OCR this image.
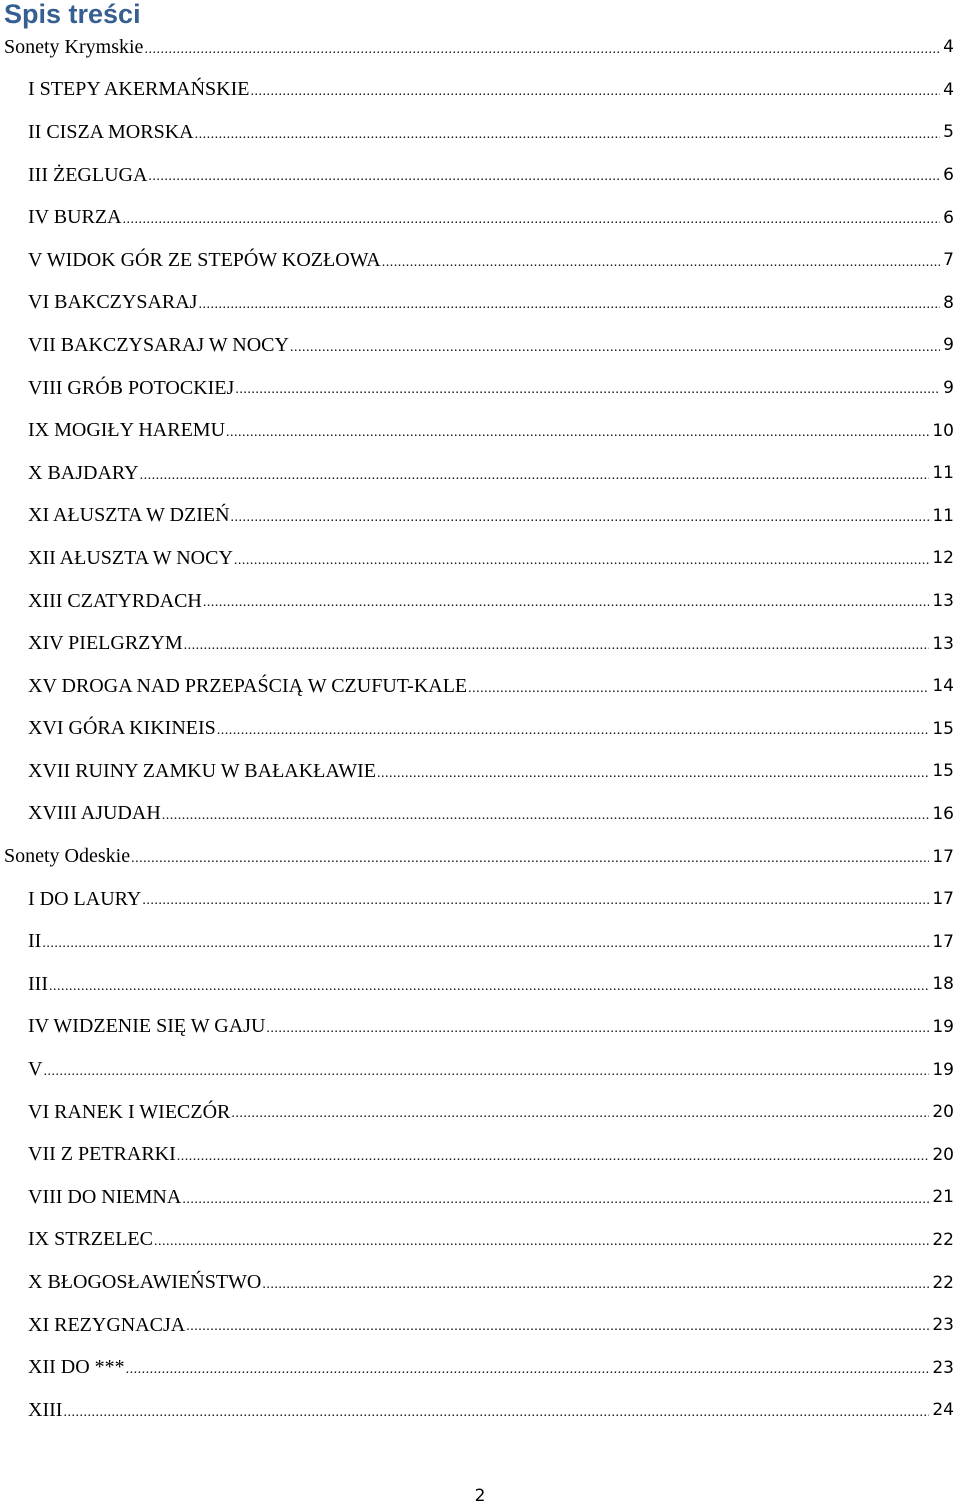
Spis treści
Sonety Krymskie .....	4
I STEPY AKERMAŃSKIE .....	4
II CISZA MORSKA .....	5
III ŻEGLUGA .....	6
IV BURZA .....	6
V WIDOK GÓR ZE STEPÓW KOZŁOWA .....	7
VI BAKCZYSARAJ .....	8
VII BAKCZYSARAJ W NOCY .....	9
VIII GRÓB POTOCKIEJ .....	9
IX MOGIŁY HAREMU .....	10
X BAJDARY .....	11
XI AŁUSZTA W DZIEŃ .....	11
XII AŁUSZTA W NOCY .....	12
XIII CZATYRDACH .....	13
XIV PIELGRZYM .....	13
XV DROGA NAD PRZEPAŚCIĄ W CZUFUT-KALE .....	14
XVI GÓRA KIKINEIS .....	15
XVII RUINY ZAMKU W BAŁAKŁAWIE .....	15
XVIII AJUDAH .....	16
Sonety Odeskie .....	17
I DO LAURY .....	17
II .....	17
III .....	18
IV WIDZENIE SIĘ W GAJU .....	19
V .....	19
VI RANEK I WIECZÓR .....	20
VII Z PETRARKI .....	20
VIII DO NIEMNA .....	21
IX STRZELEC .....	22
X BŁOGOSŁAWIEŃSTWO .....	22
XI REZYGNACJA .....	23
XII DO *** .....	23
XIII .....	24
2
